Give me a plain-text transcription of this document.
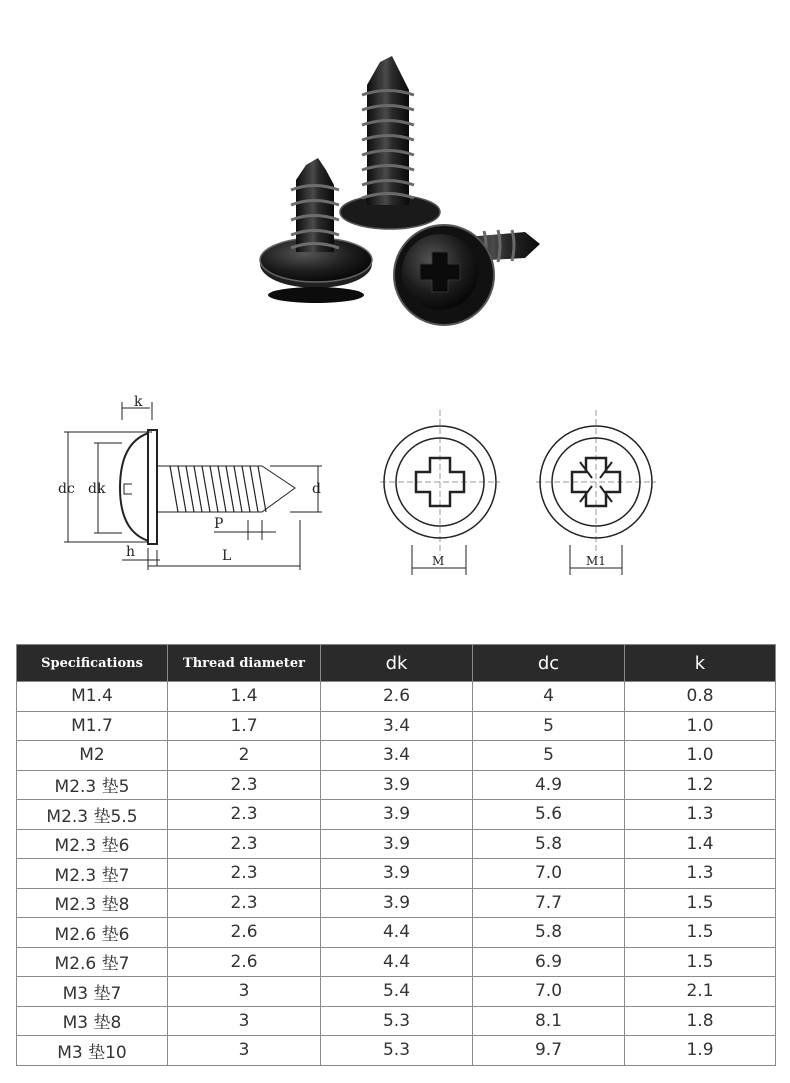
k
dc dk	d
P
L
h
M	M1
Specifications	Thread diameter	dk	dc	k
M1.4	1.4	2.6	4	0.8
M1.7	1.7	3.4	5	1.0
M2	2	3.4	5	1.0
M2.3 垫5	2.3	3.9	4.9	1.2
M2.3 垫5.5	2.3	3.9	5.6	1.3
M2.3 垫6	2.3	3.9	5.8	1.4
M2.3 垫7	2.3	3.9	7.0	1.3
M2.3 垫8	2.3	3.9	7.7	1.5
M2.6 垫6	2.6	4.4	5.8	1.5
M2.6 垫7	2.6	4.4	6.9	1.5
M3 垫7	3	5.4	7.0	2.1
M3 垫8	3	5.3	8.1	1.8
M3 垫10	3	5.3	9.7	1.9
